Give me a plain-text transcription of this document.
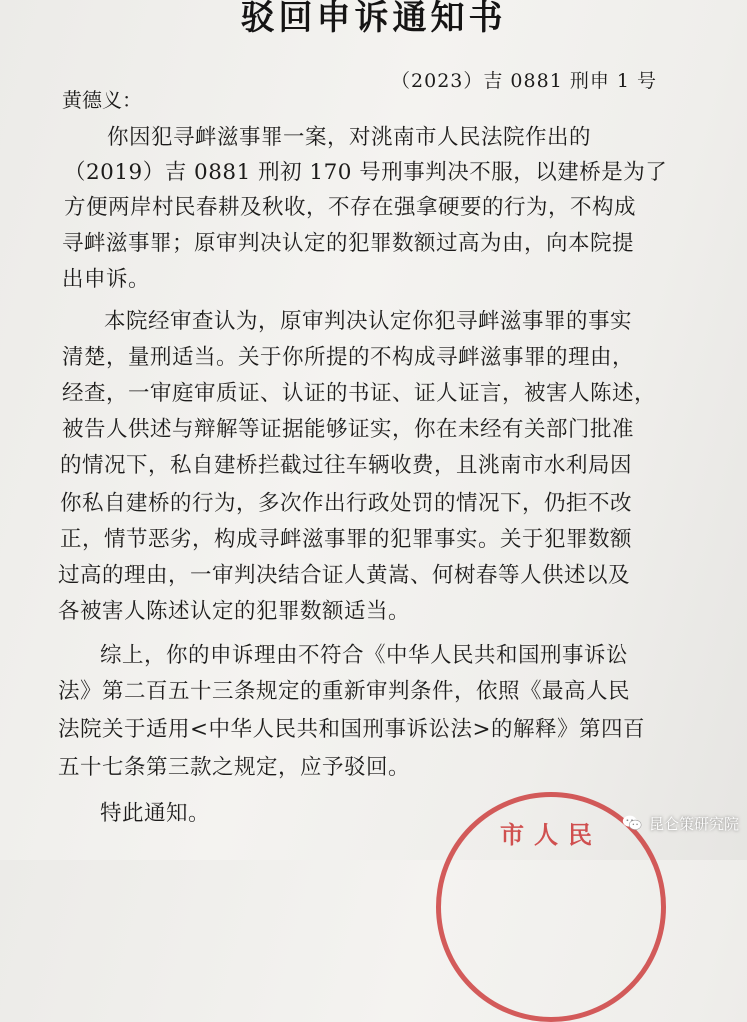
驳回申诉通知书
（2023）吉 0881 刑申 1 号
黄德义：
你因犯寻衅滋事罪一案，对洮南市人民法院作出的
（2019）吉 0881 刑初 170 号刑事判决不服，以建桥是为了
方便两岸村民春耕及秋收，不存在强拿硬要的行为，不构成
寻衅滋事罪；原审判决认定的犯罪数额过高为由，向本院提
出申诉。
本院经审查认为，原审判决认定你犯寻衅滋事罪的事实
清楚，量刑适当。关于你所提的不构成寻衅滋事罪的理由，
经查，一审庭审质证、认证的书证、证人证言，被害人陈述，
被告人供述与辩解等证据能够证实，你在未经有关部门批准
的情况下，私自建桥拦截过往车辆收费，且洮南市水利局因
你私自建桥的行为，多次作出行政处罚的情况下，仍拒不改
正，情节恶劣，构成寻衅滋事罪的犯罪事实。关于犯罪数额
过高的理由，一审判决结合证人黄嵩、何树春等人供述以及
各被害人陈述认定的犯罪数额适当。
综上，你的申诉理由不符合《中华人民共和国刑事诉讼
法》第二百五十三条规定的重新审判条件，依照《最高人民
法院关于适用<中华人民共和国刑事诉讼法>的解释》第四百
五十七条第三款之规定，应予驳回。
特此通知。
市人民	昆仑策研究院
